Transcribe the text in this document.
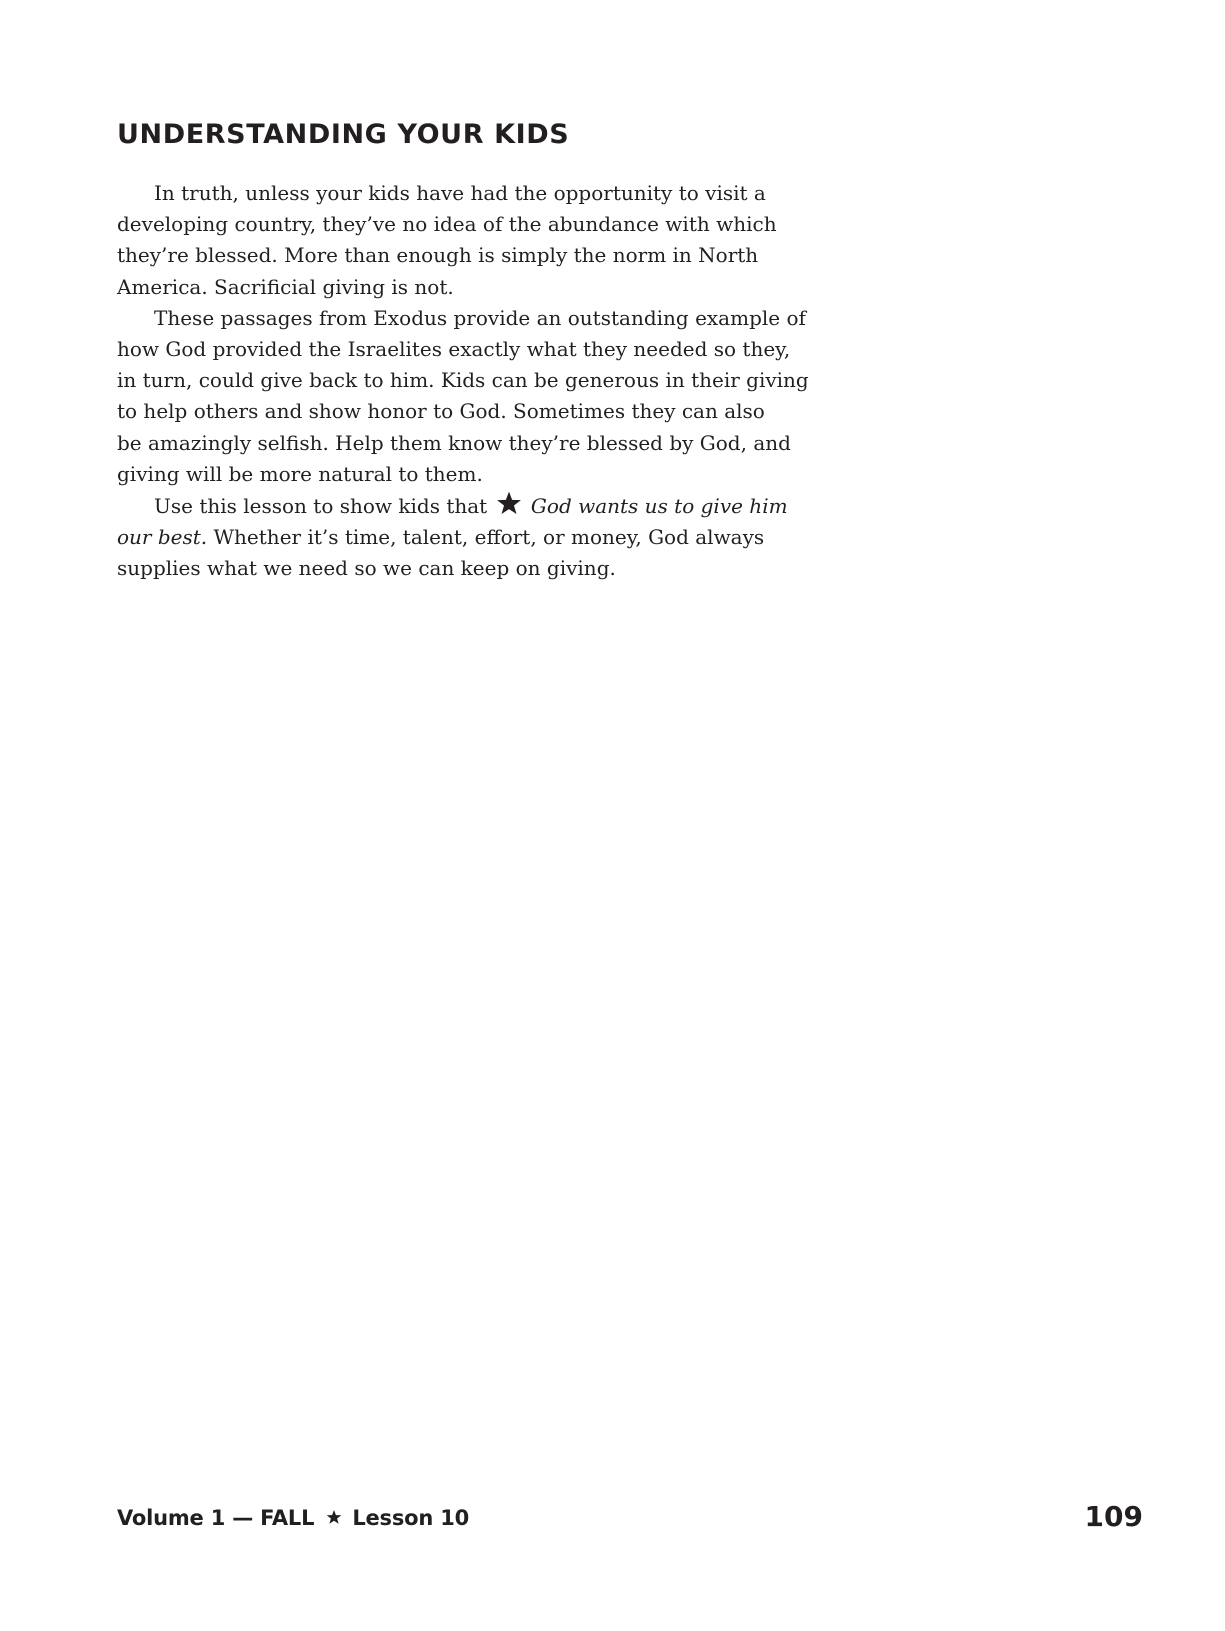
UNDERSTANDING YOUR KIDS
In truth, unless your kids have had the opportunity to visit a
developing country, they’ve no idea of the abundance with which
they’re blessed. More than enough is simply the norm in North
America. Sacrificial giving is not.
These passages from Exodus provide an outstanding example of
how God provided the Israelites exactly what they needed so they,
in turn, could give back to him. Kids can be generous in their giving
to help others and show honor to God. Sometimes they can also
be amazingly selfish. Help them know they’re blessed by God, and
giving will be more natural to them.
Use this lesson to show kids that God wants us to give him
our best. Whether it’s time, talent, effort, or money, God always
supplies what we need so we can keep on giving.
Volume 1 — FALL Lesson 10	109
